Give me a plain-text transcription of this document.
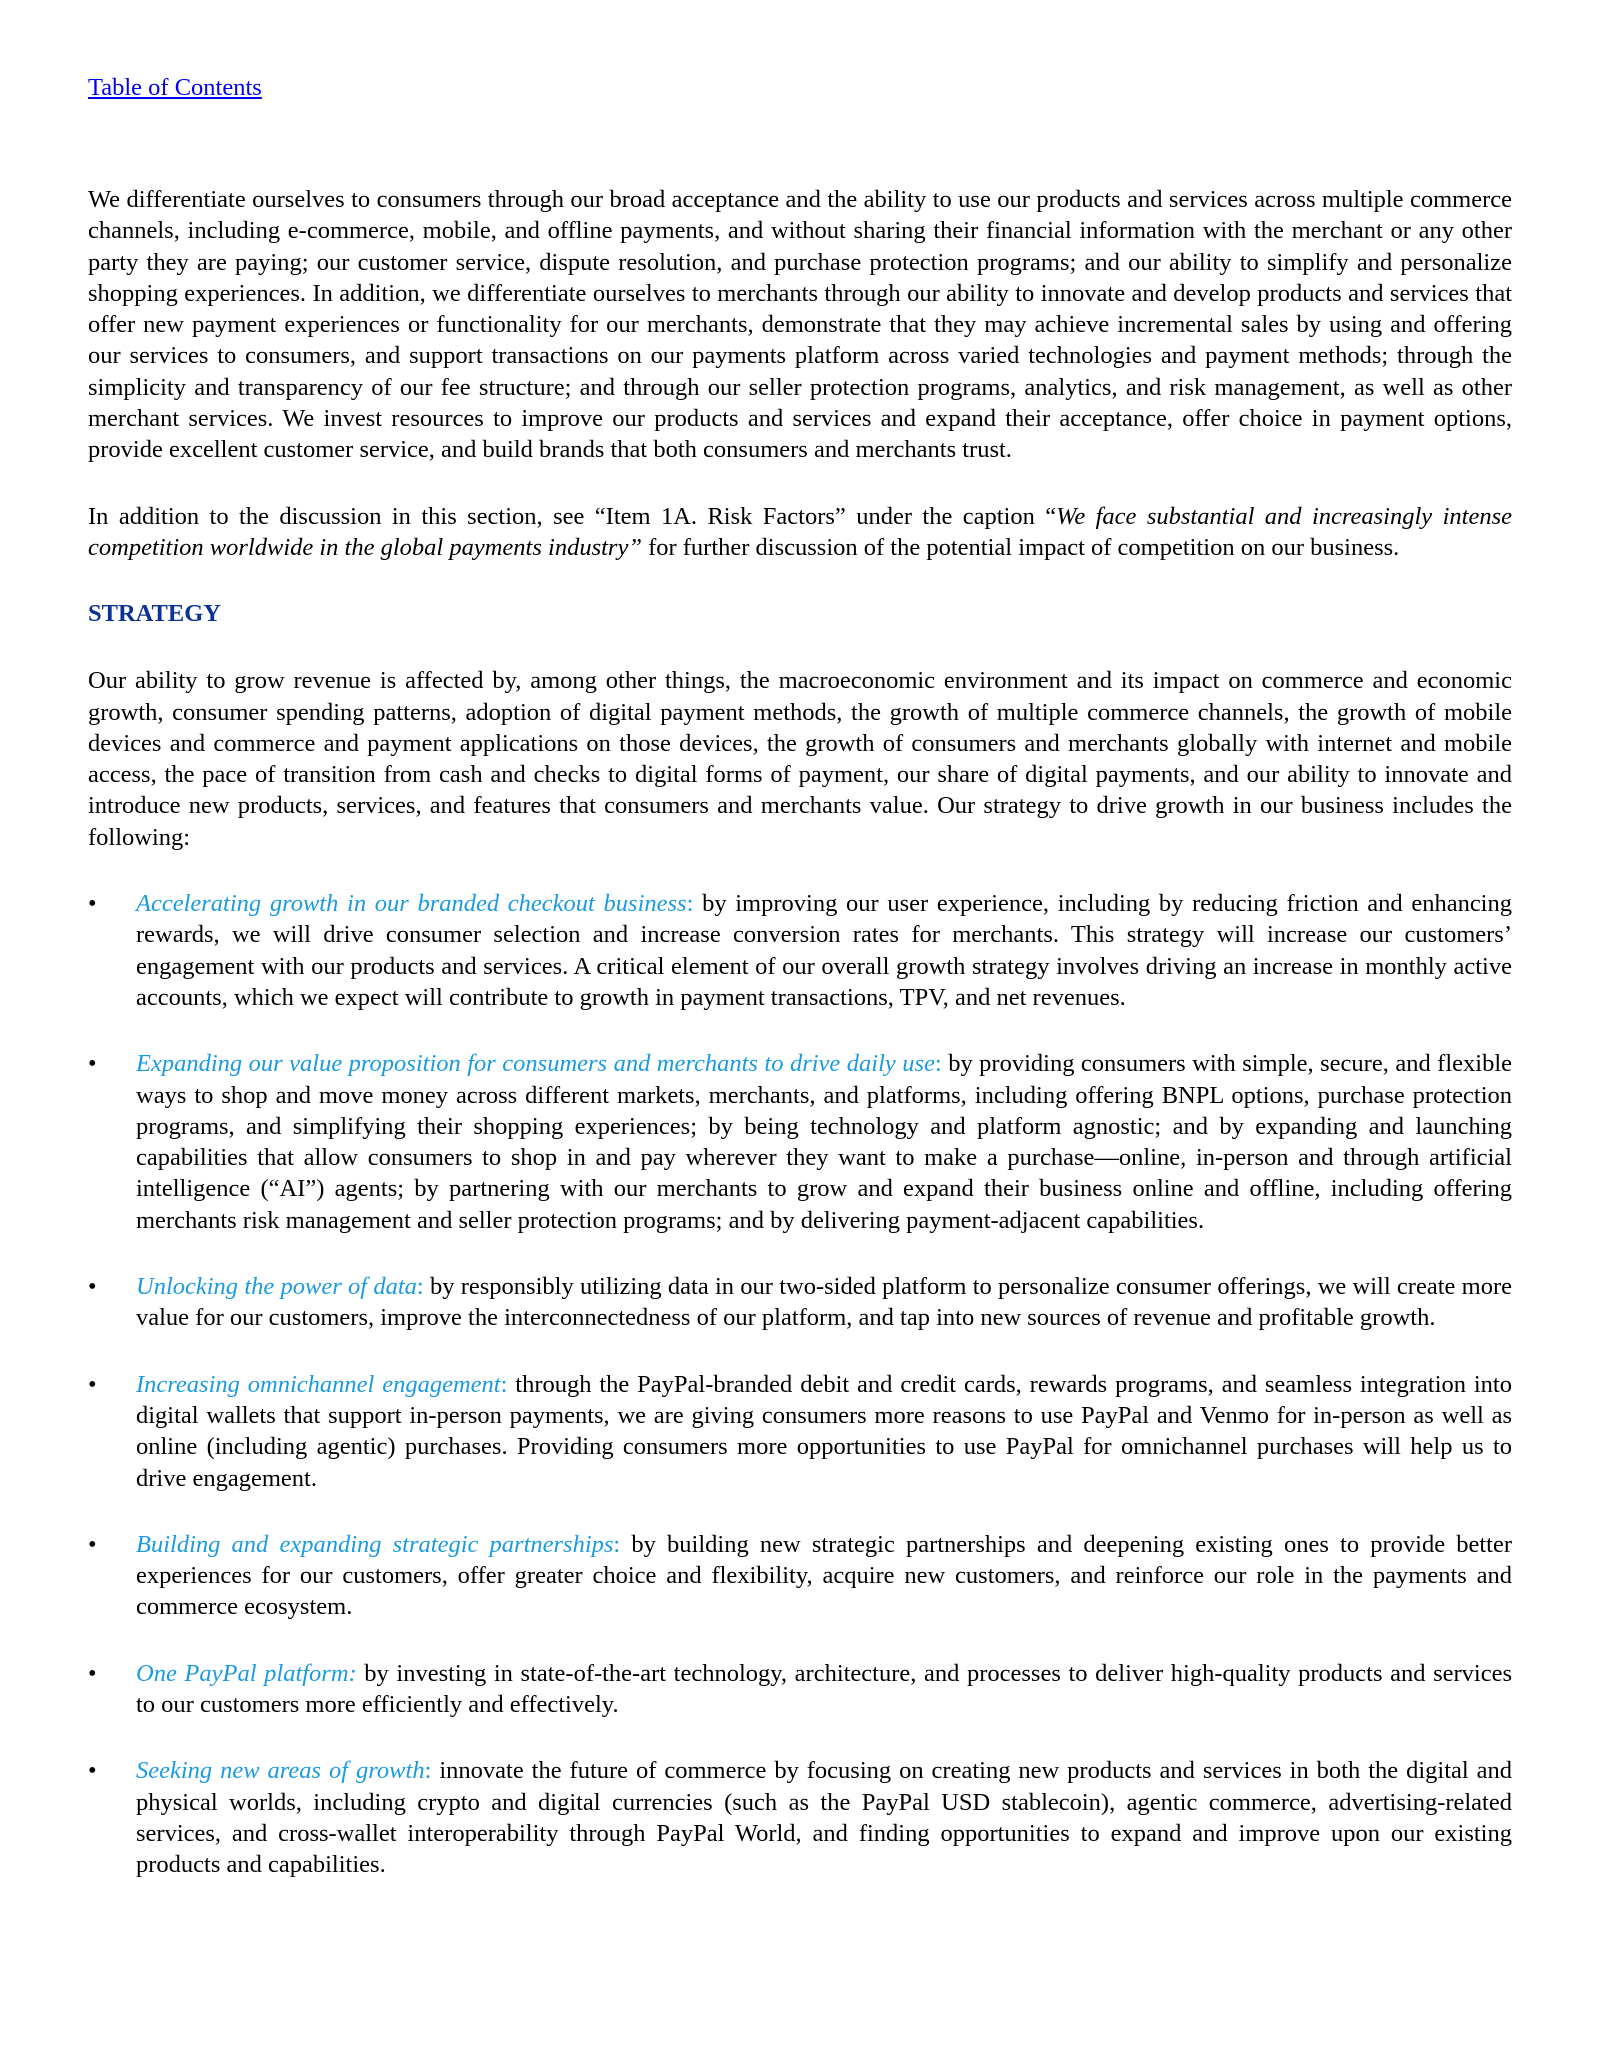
Table of Contents

We differentiate ourselves to consumers through our broad acceptance and the ability to use our products and services across multiple commerce channels, including e-commerce, mobile, and offline payments, and without sharing their financial information with the merchant or any other party they are paying; our customer service, dispute resolution, and purchase protection programs; and our ability to simplify and personalize shopping experiences. In addition, we differentiate ourselves to merchants through our ability to innovate and develop products and services that offer new payment experiences or functionality for our merchants, demonstrate that they may achieve incremental sales by using and offering our services to consumers, and support transactions on our payments platform across varied technologies and payment methods; through the simplicity and transparency of our fee structure; and through our seller protection programs, analytics, and risk management, as well as other merchant services. We invest resources to improve our products and services and expand their acceptance, offer choice in payment options, provide excellent customer service, and build brands that both consumers and merchants trust.

In addition to the discussion in this section, see “Item 1A. Risk Factors” under the caption “We face substantial and increasingly intense competition worldwide in the global payments industry” for further discussion of the potential impact of competition on our business.

STRATEGY

Our ability to grow revenue is affected by, among other things, the macroeconomic environment and its impact on commerce and economic growth, consumer spending patterns, adoption of digital payment methods, the growth of multiple commerce channels, the growth of mobile devices and commerce and payment applications on those devices, the growth of consumers and merchants globally with internet and mobile access, the pace of transition from cash and checks to digital forms of payment, our share of digital payments, and our ability to innovate and introduce new products, services, and features that consumers and merchants value. Our strategy to drive growth in our business includes the following:

• Accelerating growth in our branded checkout business: by improving our user experience, including by reducing friction and enhancing rewards, we will drive consumer selection and increase conversion rates for merchants. This strategy will increase our customers’ engagement with our products and services. A critical element of our overall growth strategy involves driving an increase in monthly active accounts, which we expect will contribute to growth in payment transactions, TPV, and net revenues.
• Expanding our value proposition for consumers and merchants to drive daily use: by providing consumers with simple, secure, and flexible ways to shop and move money across different markets, merchants, and platforms, including offering BNPL options, purchase protection programs, and simplifying their shopping experiences; by being technology and platform agnostic; and by expanding and launching capabilities that allow consumers to shop in and pay wherever they want to make a purchase—online, in-person and through artificial intelligence (“AI”) agents; by partnering with our merchants to grow and expand their business online and offline, including offering merchants risk management and seller protection programs; and by delivering payment-adjacent capabilities.
• Unlocking the power of data: by responsibly utilizing data in our two-sided platform to personalize consumer offerings, we will create more value for our customers, improve the interconnectedness of our platform, and tap into new sources of revenue and profitable growth.
• Increasing omnichannel engagement: through the PayPal-branded debit and credit cards, rewards programs, and seamless integration into digital wallets that support in-person payments, we are giving consumers more reasons to use PayPal and Venmo for in-person as well as online (including agentic) purchases. Providing consumers more opportunities to use PayPal for omnichannel purchases will help us to drive engagement.
• Building and expanding strategic partnerships: by building new strategic partnerships and deepening existing ones to provide better experiences for our customers, offer greater choice and flexibility, acquire new customers, and reinforce our role in the payments and commerce ecosystem.
• One PayPal platform: by investing in state-of-the-art technology, architecture, and processes to deliver high-quality products and services to our customers more efficiently and effectively.
• Seeking new areas of growth: innovate the future of commerce by focusing on creating new products and services in both the digital and physical worlds, including crypto and digital currencies (such as the PayPal USD stablecoin), agentic commerce, advertising-related services, and cross-wallet interoperability through PayPal World, and finding opportunities to expand and improve upon our existing products and capabilities.
